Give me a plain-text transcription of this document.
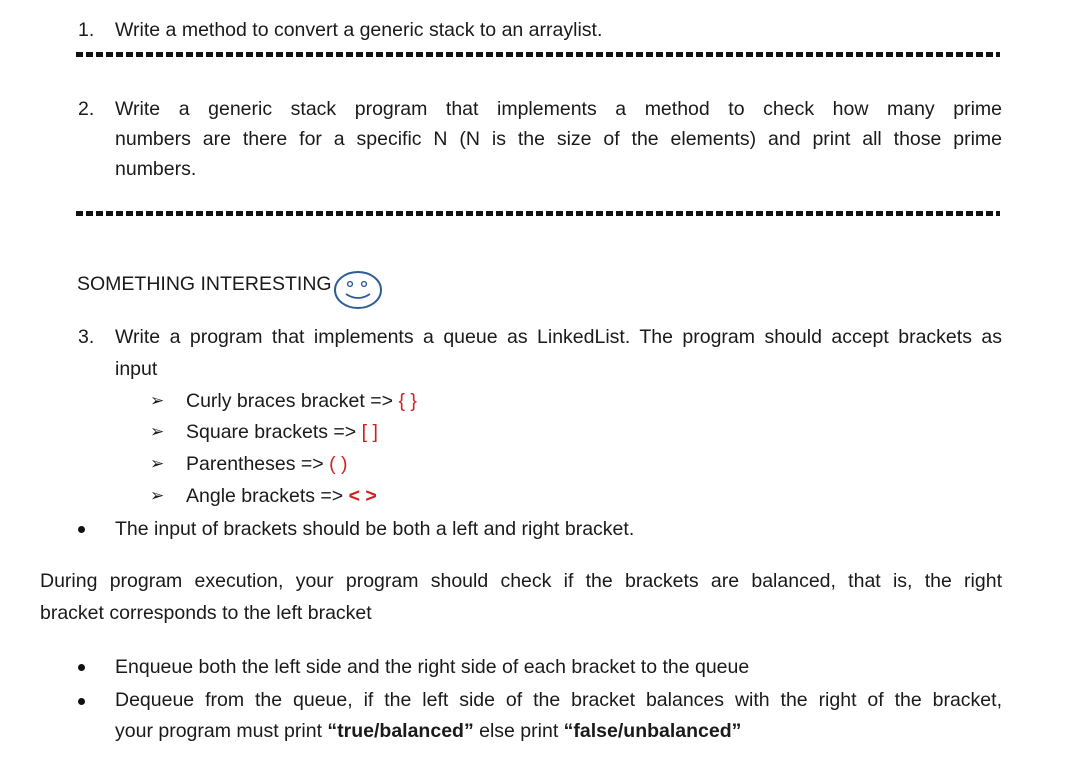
1. Write a method to convert a generic stack to an arraylist.
2. Write a generic stack program that implements a method to check how many prime
numbers are there for a specific N (N is the size of the elements) and print all those prime
numbers.
SOMETHING INTERESTING
3. Write a program that implements a queue as LinkedList. The program should accept brackets as
input
➢ Curly braces bracket => { }
➢ Square brackets => [ ]
➢ Parentheses => ( )
➢ Angle brackets => < >
The input of brackets should be both a left and right bracket.
During program execution, your program should check if the brackets are balanced, that is, the right
bracket corresponds to the left bracket
Enqueue both the left side and the right side of each bracket to the queue
Dequeue from the queue, if the left side of the bracket balances with the right of the bracket,
your program must print “true/balanced” else print “false/unbalanced”
